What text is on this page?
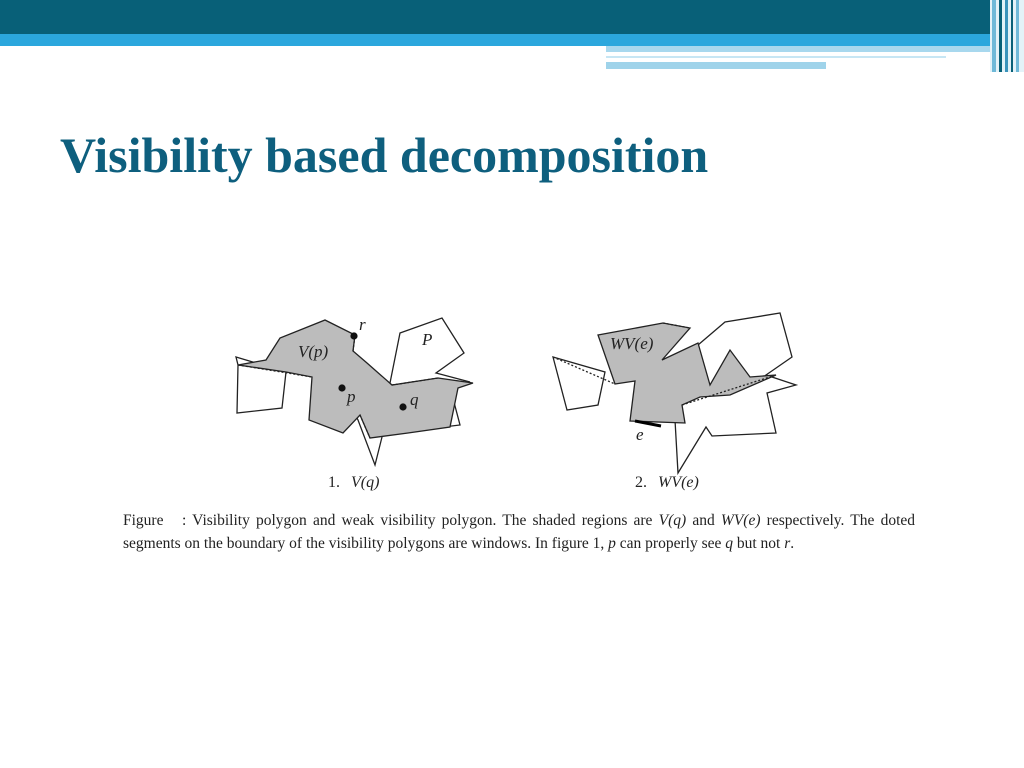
Visibility based decomposition
P
V(p)
r
p	q
1. V(q)
WV(e)
e
2. WV(e)

Figure : Visibility polygon and weak visibility polygon. The shaded regions are V(q) and WV(e) respectively. The doted segments on the boundary of the visibility polygons are windows. In figure 1, p can properly see q but not r.
